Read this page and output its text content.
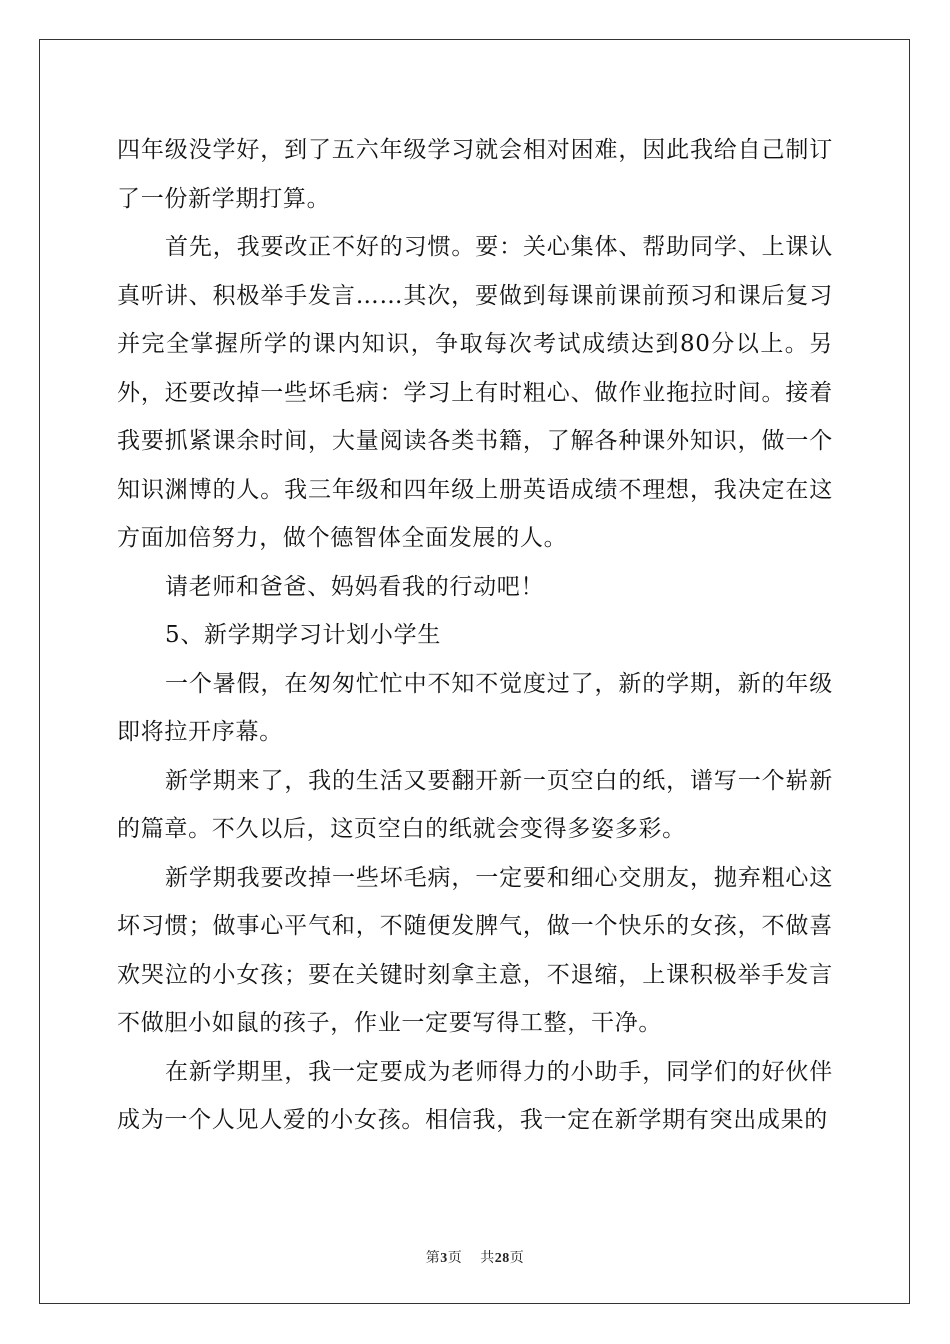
四年级没学好，到了五六年级学习就会相对困难，因此我给自己制订了一份新学期打算。

首先，我要改正不好的习惯。要：关心集体、帮助同学、上课认真听讲、积极举手发言……其次，要做到每课前课前预习和课后复习并完全掌握所学的课内知识，争取每次考试成绩达到80分以上。另外，还要改掉一些坏毛病：学习上有时粗心、做作业拖拉时间。接着我要抓紧课余时间，大量阅读各类书籍，了解各种课外知识，做一个知识渊博的人。我三年级和四年级上册英语成绩不理想，我决定在这方面加倍努力，做个德智体全面发展的人。

请老师和爸爸、妈妈看我的行动吧！

5、新学期学习计划小学生

一个暑假，在匆匆忙忙中不知不觉度过了，新的学期，新的年级即将拉开序幕。

新学期来了，我的生活又要翻开新一页空白的纸，谱写一个崭新的篇章。不久以后，这页空白的纸就会变得多姿多彩。

新学期我要改掉一些坏毛病，一定要和细心交朋友，抛弃粗心这坏习惯；做事心平气和，不随便发脾气，做一个快乐的女孩，不做喜欢哭泣的小女孩；要在关键时刻拿主意，不退缩，上课积极举手发言不做胆小如鼠的孩子，作业一定要写得工整，干净。

在新学期里，我一定要成为老师得力的小助手，同学们的好伙伴成为一个人见人爱的小女孩。相信我，我一定在新学期有突出成果的

第3页 共28页
